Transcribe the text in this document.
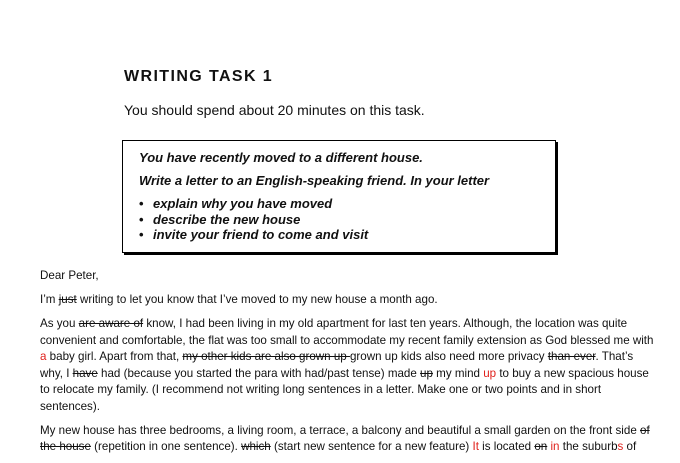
WRITING TASK 1

You should spend about 20 minutes on this task.

You have recently moved to a different house.

Write a letter to an English-speaking friend. In your letter

• explain why you have moved
• describe the new house
• invite your friend to come and visit

Dear Peter,

I’m just writing to let you know that I’ve moved to my new house a month ago.

As you are aware of know, I had been living in my old apartment for last ten years. Although, the location was quite
convenient and comfortable, the flat was too small to accommodate my recent family extension as God blessed me with
a baby girl. Apart from that, my other kids are also grown up grown up kids also need more privacy than ever. That’s
why, I have had (because you started the para with had/past tense) made up my mind up to buy a new spacious house
to relocate my family. (I recommend not writing long sentences in a letter. Make one or two points and in short
sentences).

My new house has three bedrooms, a living room, a terrace, a balcony and beautiful a small garden on the front side of
the house (repetition in one sentence). which (start new sentence for a new feature) It is located on in the suburbs of
